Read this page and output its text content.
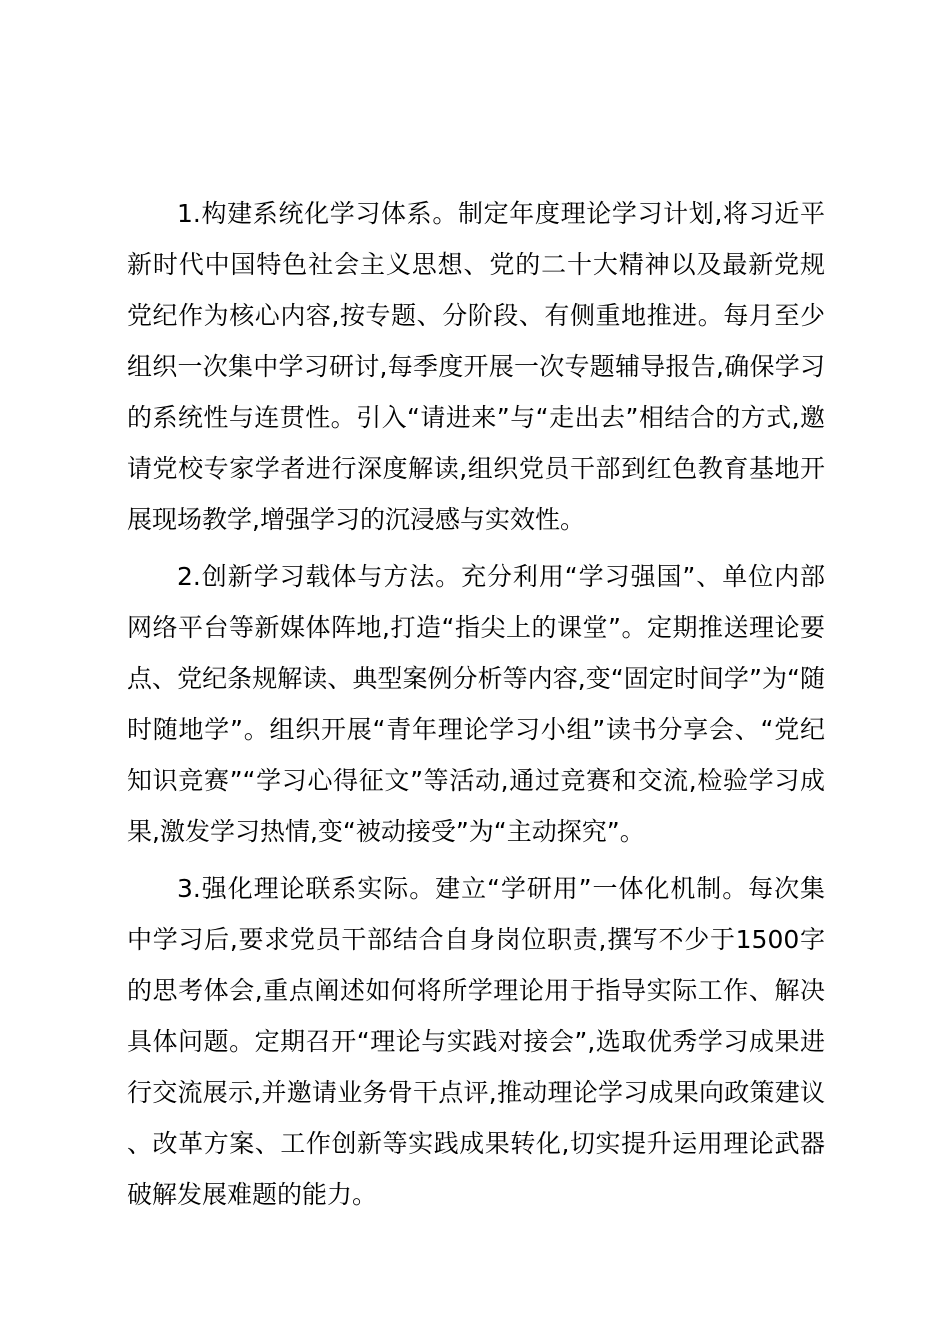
1.构建系统化学习体系。制定年度理论学习计划,将习近平新时代中国特色社会主义思想、党的二十大精神以及最新党规党纪作为核心内容,按专题、分阶段、有侧重地推进。每月至少组织一次集中学习研讨,每季度开展一次专题辅导报告,确保学习的系统性与连贯性。引入“请进来”与“走出去”相结合的方式,邀请党校专家学者进行深度解读,组织党员干部到红色教育基地开展现场教学,增强学习的沉浸感与实效性。

2.创新学习载体与方法。充分利用“学习强国”、单位内部网络平台等新媒体阵地,打造“指尖上的课堂”。定期推送理论要点、党纪条规解读、典型案例分析等内容,变“固定时间学”为“随时随地学”。组织开展“青年理论学习小组”读书分享会、“党纪知识竞赛”“学习心得征文”等活动,通过竞赛和交流,检验学习成果,激发学习热情,变“被动接受”为“主动探究”。

3.强化理论联系实际。建立“学研用”一体化机制。每次集中学习后,要求党员干部结合自身岗位职责,撰写不少于1500字的思考体会,重点阐述如何将所学理论用于指导实际工作、解决具体问题。定期召开“理论与实践对接会”,选取优秀学习成果进行交流展示,并邀请业务骨干点评,推动理论学习成果向政策建议、改革方案、工作创新等实践成果转化,切实提升运用理论武器破解发展难题的能力。
